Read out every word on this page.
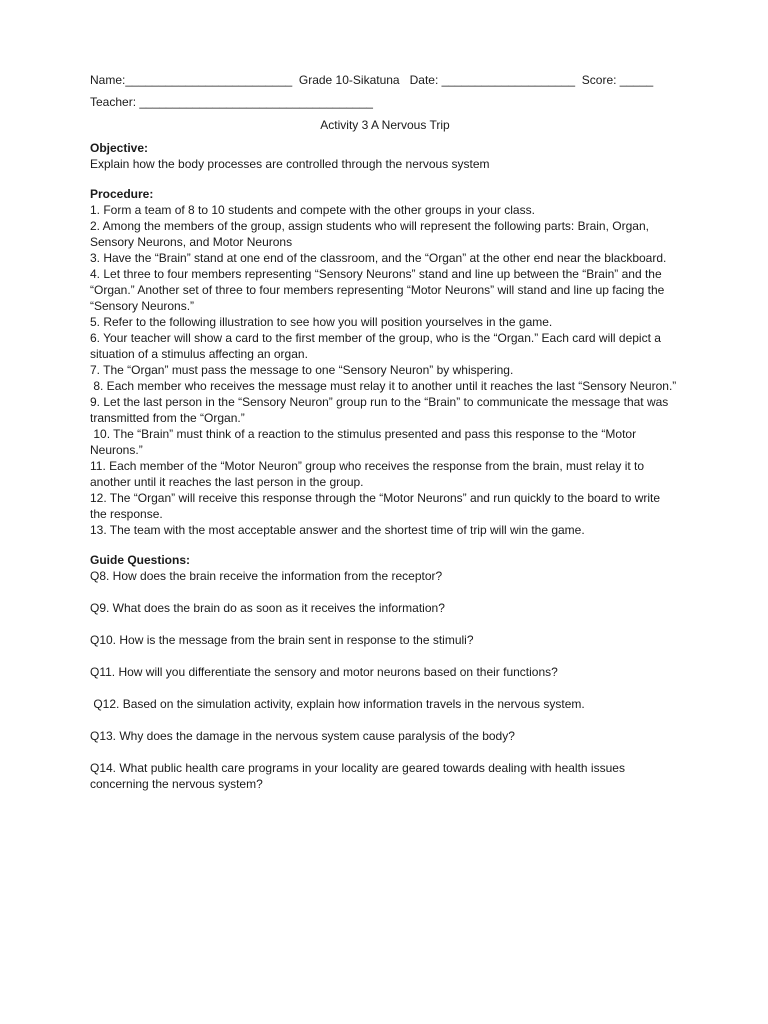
Name:_________________________ Grade 10-Sikatuna Date: ____________________ Score: _____
Teacher: ___________________________________
Activity 3 A Nervous Trip
Objective:
Explain how the body processes are controlled through the nervous system
Procedure:
1. Form a team of 8 to 10 students and compete with the other groups in your class.
2. Among the members of the group, assign students who will represent the following parts: Brain, Organ, Sensory Neurons, and Motor Neurons
3. Have the “Brain” stand at one end of the classroom, and the “Organ” at the other end near the blackboard.
4. Let three to four members representing “Sensory Neurons” stand and line up between the “Brain” and the “Organ.” Another set of three to four members representing “Motor Neurons” will stand and line up facing the “Sensory Neurons.”
5. Refer to the following illustration to see how you will position yourselves in the game.
6. Your teacher will show a card to the first member of the group, who is the “Organ.” Each card will depict a situation of a stimulus affecting an organ.
7. The “Organ” must pass the message to one “Sensory Neuron” by whispering.
8. Each member who receives the message must relay it to another until it reaches the last “Sensory Neuron.”
9. Let the last person in the “Sensory Neuron” group run to the “Brain” to communicate the message that was transmitted from the “Organ.”
10. The “Brain” must think of a reaction to the stimulus presented and pass this response to the “Motor Neurons.”
11. Each member of the “Motor Neuron” group who receives the response from the brain, must relay it to another until it reaches the last person in the group.
12. The “Organ” will receive this response through the “Motor Neurons” and run quickly to the board to write the response.
13. The team with the most acceptable answer and the shortest time of trip will win the game.
Guide Questions:
Q8. How does the brain receive the information from the receptor?
Q9. What does the brain do as soon as it receives the information?
Q10. How is the message from the brain sent in response to the stimuli?
Q11. How will you differentiate the sensory and motor neurons based on their functions?
Q12. Based on the simulation activity, explain how information travels in the nervous system.
Q13. Why does the damage in the nervous system cause paralysis of the body?
Q14. What public health care programs in your locality are geared towards dealing with health issues concerning the nervous system?
